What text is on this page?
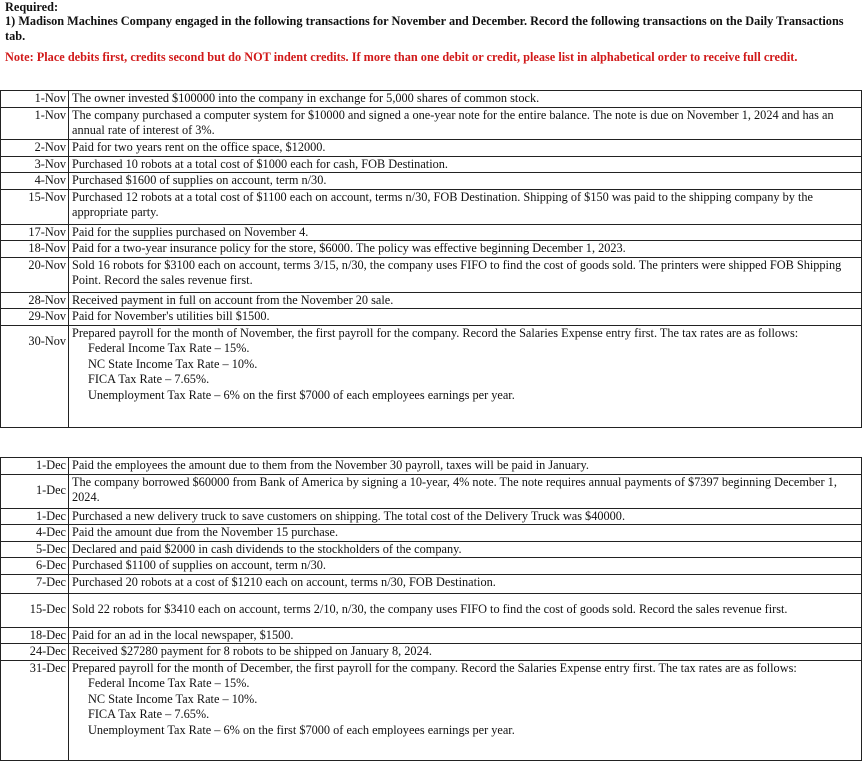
Required:
1) Madison Machines Company engaged in the following transactions for November and December. Record the following transactions on the Daily Transactions tab.
Note: Place debits first, credits second but do NOT indent credits. If more than one debit or credit, please list in alphabetical order to receive full credit.
1-Nov	The owner invested $100000 into the company in exchange for 5,000 shares of common stock.
1-Nov	The company purchased a computer system for $10000 and signed a one-year note for the entire balance. The note is due on November 1, 2024 and has an annual rate of interest of 3%.
2-Nov	Paid for two years rent on the office space, $12000.
3-Nov	Purchased 10 robots at a total cost of $1000 each for cash, FOB Destination.
4-Nov	Purchased $1600 of supplies on account, term n/30.
15-Nov	Purchased 12 robots at a total cost of $1100 each on account, terms n/30, FOB Destination. Shipping of $150 was paid to the shipping company by the appropriate party.
17-Nov	Paid for the supplies purchased on November 4.
18-Nov	Paid for a two-year insurance policy for the store, $6000. The policy was effective beginning December 1, 2023.
20-Nov	Sold 16 robots for $3100 each on account, terms 3/15, n/30, the company uses FIFO to find the cost of goods sold. The printers were shipped FOB Shipping Point. Record the sales revenue first.
28-Nov	Received payment in full on account from the November 20 sale.
29-Nov	Paid for November's utilities bill $1500.
30-Nov	Prepared payroll for the month of November, the first payroll for the company. Record the Salaries Expense entry first. The tax rates are as follows:
Federal Income Tax Rate – 15%.
NC State Income Tax Rate – 10%.
FICA Tax Rate – 7.65%.
Unemployment Tax Rate – 6% on the first $7000 of each employees earnings per year.
1-Dec	Paid the employees the amount due to them from the November 30 payroll, taxes will be paid in January.
1-Dec	The company borrowed $60000 from Bank of America by signing a 10-year, 4% note. The note requires annual payments of $7397 beginning December 1, 2024.
1-Dec	Purchased a new delivery truck to save customers on shipping. The total cost of the Delivery Truck was $40000.
4-Dec	Paid the amount due from the November 15 purchase.
5-Dec	Declared and paid $2000 in cash dividends to the stockholders of the company.
6-Dec	Purchased $1100 of supplies on account, term n/30.
7-Dec	Purchased 20 robots at a cost of $1210 each on account, terms n/30, FOB Destination.
15-Dec	Sold 22 robots for $3410 each on account, terms 2/10, n/30, the company uses FIFO to find the cost of goods sold. Record the sales revenue first.
18-Dec	Paid for an ad in the local newspaper, $1500.
24-Dec	Received $27280 payment for 8 robots to be shipped on January 8, 2024.
31-Dec	Prepared payroll for the month of December, the first payroll for the company. Record the Salaries Expense entry first. The tax rates are as follows:
Federal Income Tax Rate – 15%.
NC State Income Tax Rate – 10%.
FICA Tax Rate – 7.65%.
Unemployment Tax Rate – 6% on the first $7000 of each employees earnings per year.
